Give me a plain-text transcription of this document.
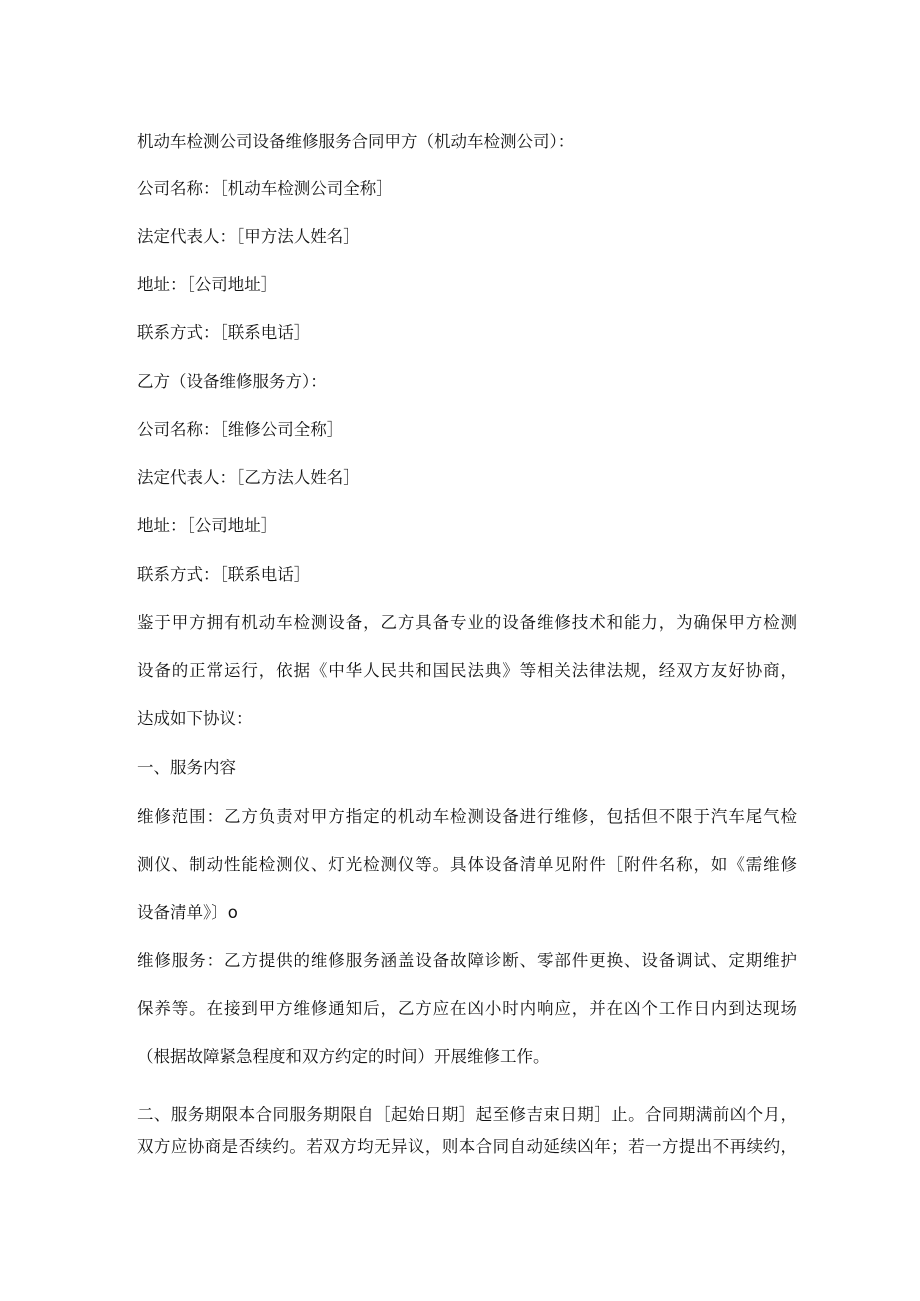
机动车检测公司设备维修服务合同甲方（机动车检测公司）：
公司名称：［机动车检测公司全称］
法定代表人：［甲方法人姓名］
地址：［公司地址］
联系方式：［联系电话］
乙方（设备维修服务方）：
公司名称：［维修公司全称］
法定代表人：［乙方法人姓名］
地址：［公司地址］
联系方式：［联系电话］
鉴于甲方拥有机动车检测设备，乙方具备专业的设备维修技术和能力，为确保甲方检测
设备的正常运行，依据《中华人民共和国民法典》等相关法律法规，经双方友好协商，
达成如下协议：
一、服务内容
维修范围：乙方负责对甲方指定的机动车检测设备进行维修，包括但不限于汽车尾气检
测仪、制动性能检测仪、灯光检测仪等。具体设备清单见附件［附件名称，如《需维修
设备清单》〕o
维修服务：乙方提供的维修服务涵盖设备故障诊断、零部件更换、设备调试、定期维护
保养等。在接到甲方维修通知后，乙方应在凶小时内响应，并在凶个工作日内到达现场
（根据故障紧急程度和双方约定的时间）开展维修工作。
二、服务期限本合同服务期限自［起始日期］起至修吉束日期］止。合同期满前凶个月，
双方应协商是否续约。若双方均无异议，则本合同自动延续凶年；若一方提出不再续约，
